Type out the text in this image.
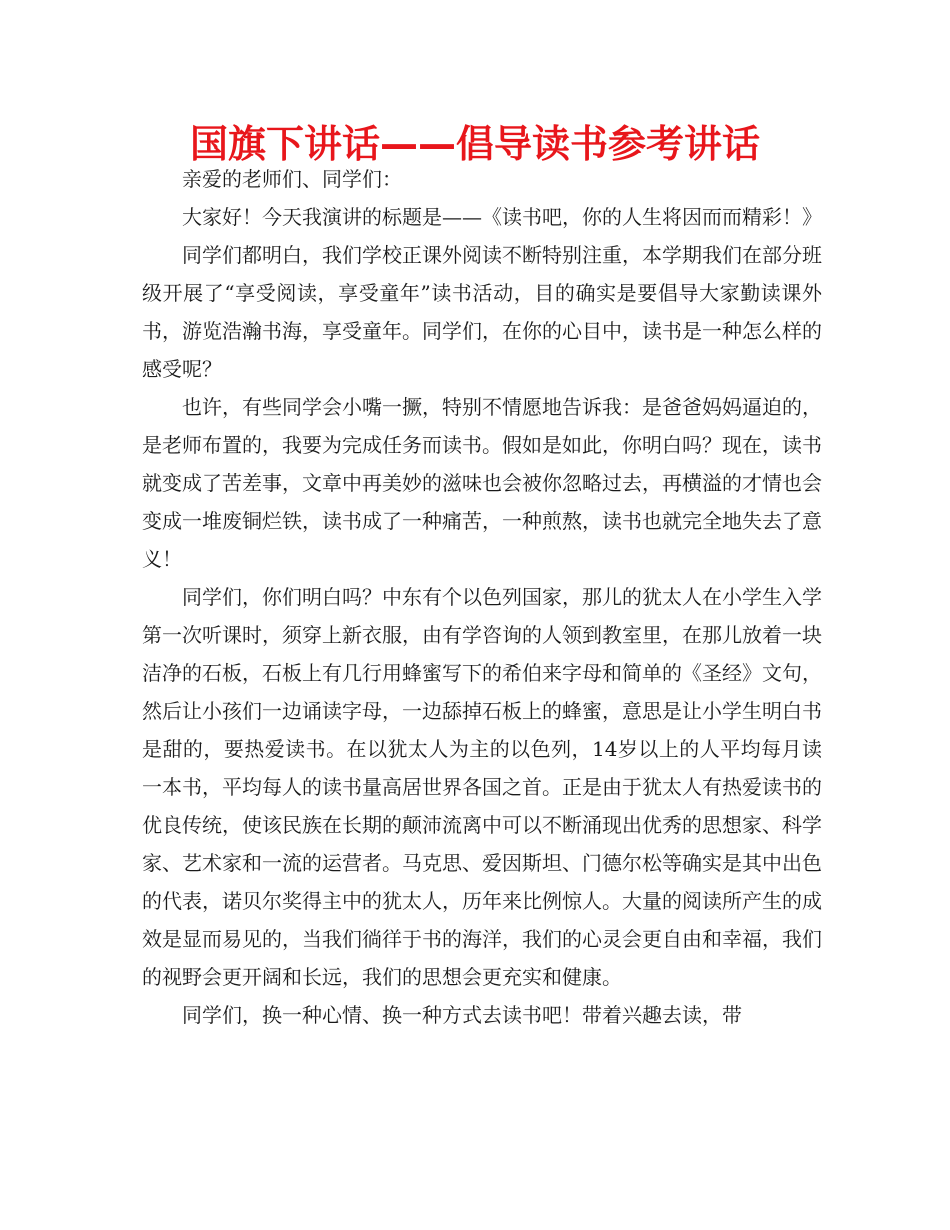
国旗下讲话——倡导读书参考讲话

亲爱的老师们、同学们：

大家好！今天我演讲的标题是——《读书吧，你的人生将因而而精彩！》

同学们都明白，我们学校正课外阅读不断特别注重，本学期我们在部分班级开展了“享受阅读，享受童年”读书活动，目的确实是要倡导大家勤读课外书，游览浩瀚书海，享受童年。同学们，在你的心目中，读书是一种怎么样的感受呢？

也许，有些同学会小嘴一撅，特别不情愿地告诉我：是爸爸妈妈逼迫的，是老师布置的，我要为完成任务而读书。假如是如此，你明白吗？现在，读书就变成了苦差事，文章中再美妙的滋味也会被你忽略过去，再横溢的才情也会变成一堆废铜烂铁，读书成了一种痛苦，一种煎熬，读书也就完全地失去了意义！

同学们，你们明白吗？中东有个以色列国家，那儿的犹太人在小学生入学第一次听课时，须穿上新衣服，由有学咨询的人领到教室里，在那儿放着一块洁净的石板，石板上有几行用蜂蜜写下的希伯来字母和简单的《圣经》文句，然后让小孩们一边诵读字母，一边舔掉石板上的蜂蜜，意思是让小学生明白书是甜的，要热爱读书。在以犹太人为主的以色列，14岁以上的人平均每月读一本书，平均每人的读书量高居世界各国之首。正是由于犹太人有热爱读书的优良传统，使该民族在长期的颠沛流离中可以不断涌现出优秀的思想家、科学家、艺术家和一流的运营者。马克思、爱因斯坦、门德尔松等确实是其中出色的代表，诺贝尔奖得主中的犹太人，历年来比例惊人。大量的阅读所产生的成效是显而易见的，当我们徜徉于书的海洋，我们的心灵会更自由和幸福，我们的视野会更开阔和长远，我们的思想会更充实和健康。

同学们，换一种心情、换一种方式去读书吧！带着兴趣去读，带
